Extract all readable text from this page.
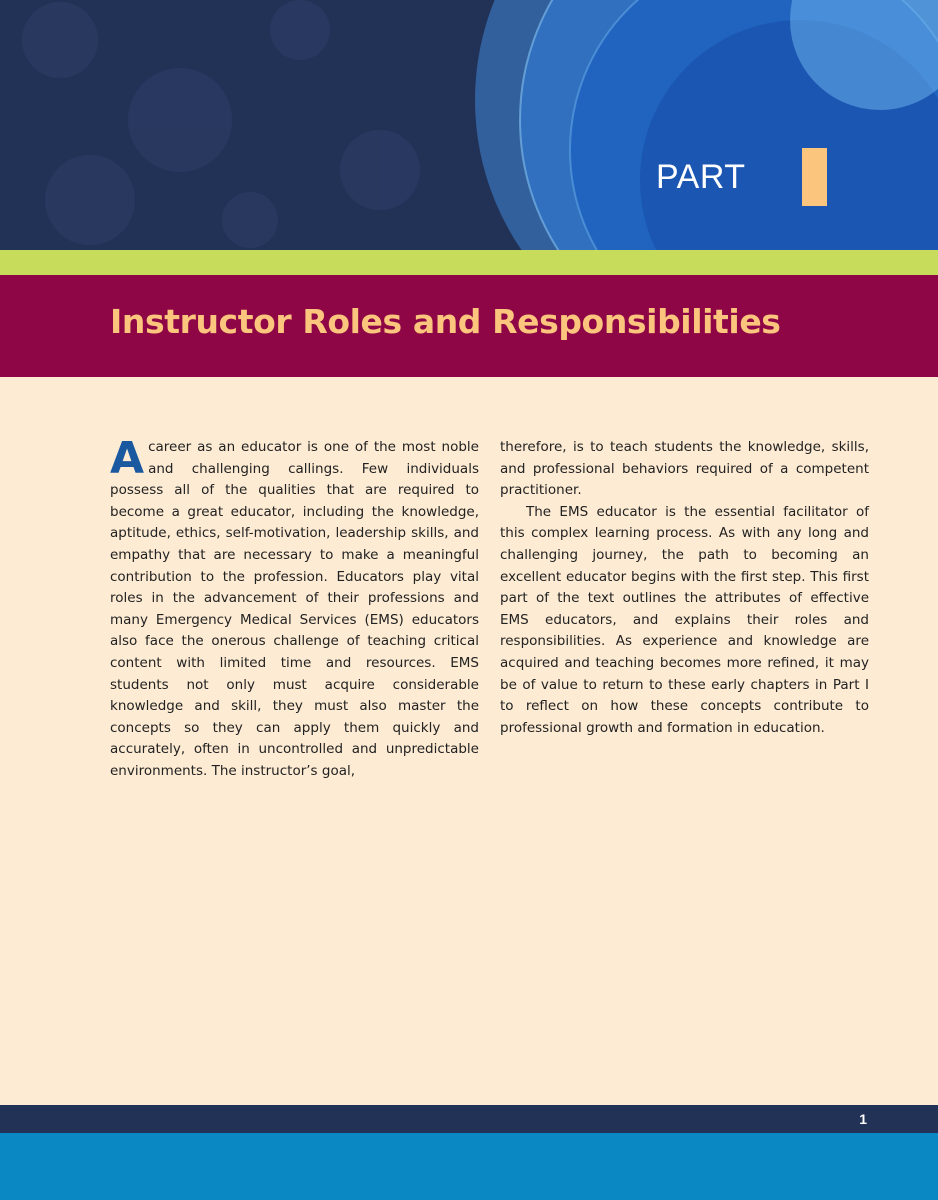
PART	I
Instructor Roles and Responsibilities

Acareer as an educator is one of the most noble and challenging callings. Few individuals possess all of the qualities that are required to become a great educator, including the knowledge, aptitude, ethics, self-motivation, leadership skills, and empathy that are necessary to make a meaningful contribution to the profession. Educators play vital roles in the advancement of their professions and many Emergency Medical Services (EMS) educators also face the onerous challenge of teaching critical content with limited time and resources. EMS students not only must acquire considerable knowledge and skill, they must also master the concepts so they can apply them quickly and accurately, often in uncontrolled and unpredictable environments. The instructor’s goal,

therefore, is to teach students the knowledge, skills, and professional behaviors required of a competent practitioner.

The EMS educator is the essential facilitator of this complex learning process. As with any long and challenging journey, the path to becoming an excellent educator begins with the first step. This first part of the text outlines the attributes of effective EMS educators, and explains their roles and responsibilities. As experience and knowledge are acquired and teaching becomes more refined, it may be of value to return to these early chapters in Part I to reflect on how these concepts contribute to professional growth and formation in education.

1
